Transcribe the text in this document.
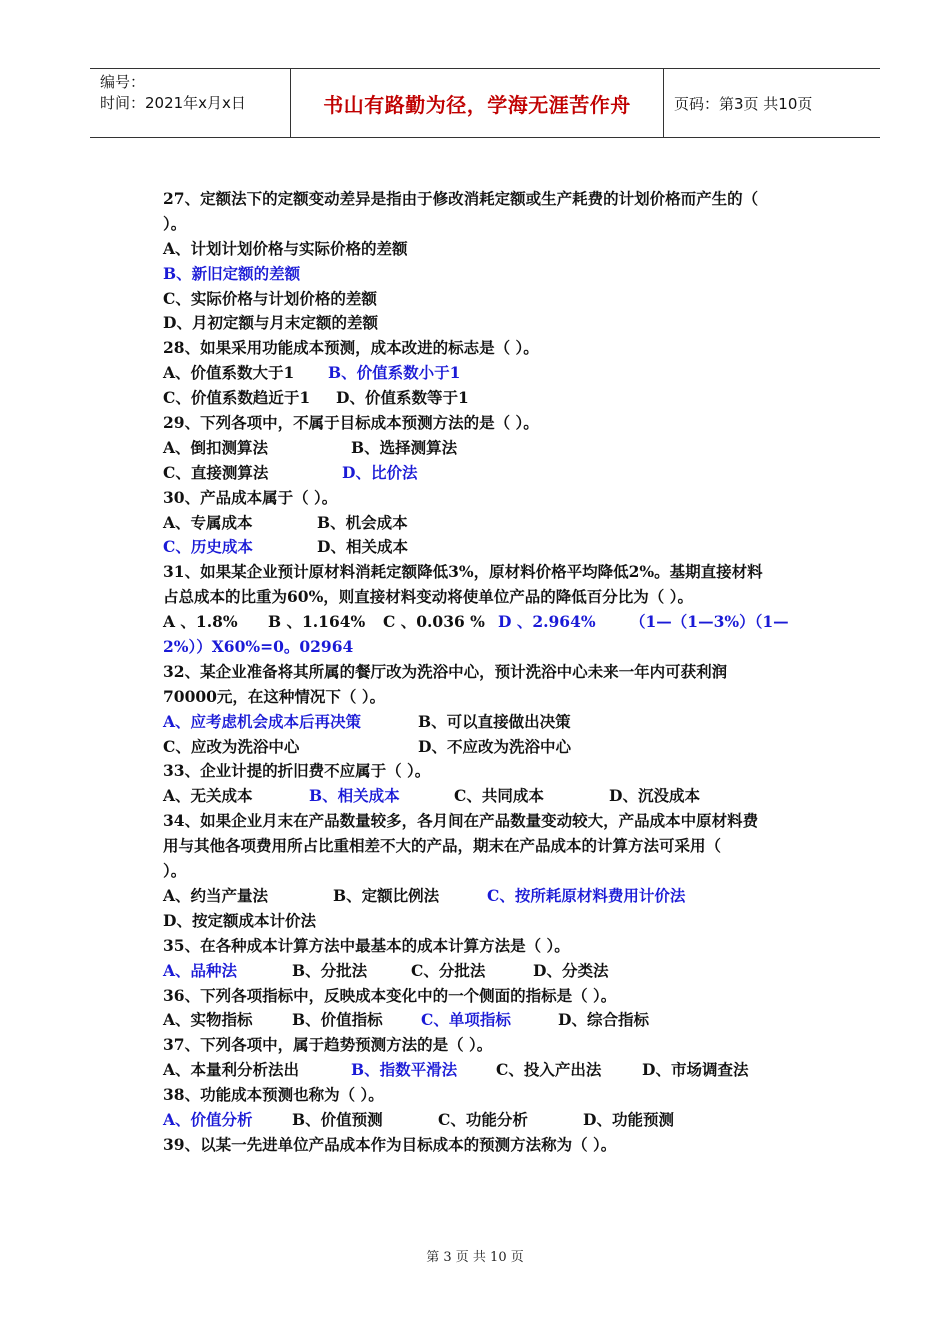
编号：
时间：2021年x月x日	书山有路勤为径，学海无涯苦作舟	页码：第3页 共10页
27、定额法下的定额变动差异是指由于修改消耗定额或生产耗费的计划价格而产生的（
）。
A、计划计划价格与实际价格的差额
B、新旧定额的差额
C、实际价格与计划价格的差额
D、月初定额与月末定额的差额
28、如果采用功能成本预测，成本改进的标志是（ ）。
A、价值系数大于1 B、价值系数小于1
C、价值系数趋近于1 D、价值系数等于1
29、下列各项中，不属于目标成本预测方法的是（ ）。
A、倒扣测算法	B、选择测算法
C、直接测算法	D、比价法
30、产品成本属于（ ）。
A、专属成本	B、机会成本
C、历史成本	D、相关成本
31、如果某企业预计原材料消耗定额降低3%，原材料价格平均降低2%。基期直接材料
占总成本的比重为60%，则直接材料变动将使单位产品的降低百分比为（ ）。
A 、1.8% B 、1.164% C 、0.036 % D 、2.964% （1—（1—3%）（1—
2%））X60%=0。02964
32、某企业准备将其所属的餐厅改为洗浴中心，预计洗浴中心未来一年内可获利润
70000元，在这种情况下（ ）。
A、应考虑机会成本后再决策	B、可以直接做出决策
C、应改为洗浴中心	D、不应改为洗浴中心
33、企业计提的折旧费不应属于（ ）。
A、无关成本	B、相关成本	C、共同成本	D、沉没成本
34、如果企业月末在产品数量较多，各月间在产品数量变动较大，产品成本中原材料费
用与其他各项费用所占比重相差不大的产品，期末在产品成本的计算方法可采用（
）。
A、约当产量法	B、定额比例法	C、按所耗原材料费用计价法
D、按定额成本计价法
35、在各种成本计算方法中最基本的成本计算方法是（ ）。
A、品种法	B、分批法	C、分批法	D、分类法
36、下列各项指标中，反映成本变化中的一个侧面的指标是（ ）。
A、实物指标	B、价值指标 C、单项指标	D、综合指标
37、下列各项中，属于趋势预测方法的是（ ）。
A、本量利分析法出	B、指数平滑法	C、投入产出法	D、市场调查法
38、功能成本预测也称为（ ）。
A、价值分析	B、价值预测	C、功能分析	D、功能预测
39、以某一先进单位产品成本作为目标成本的预测方法称为（ ）。
第 3 页 共 10 页
